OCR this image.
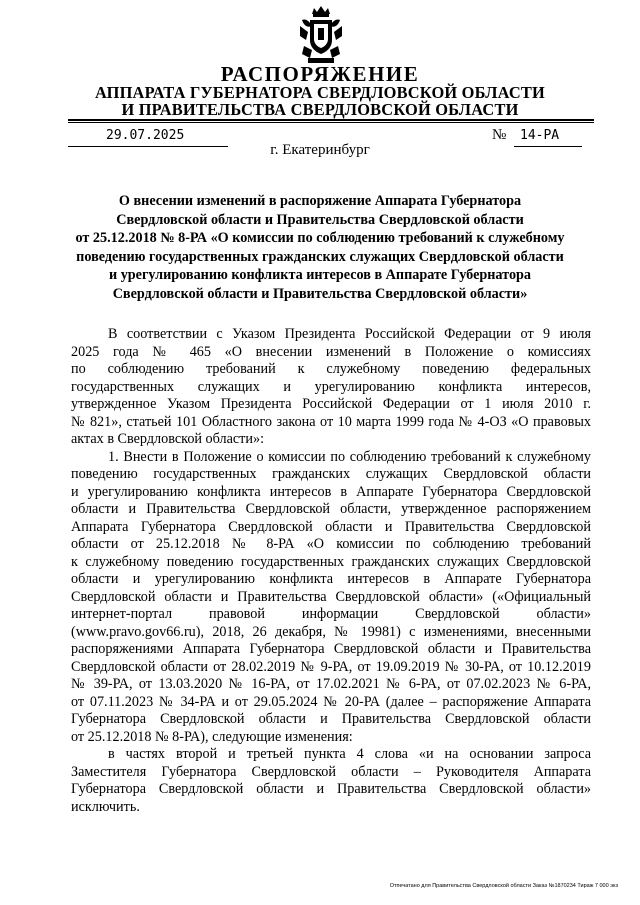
РАСПОРЯЖЕНИЕ
АППАРАТА ГУБЕРНАТОРА СВЕРДЛОВСКОЙ ОБЛАСТИ
И ПРАВИТЕЛЬСТВА СВЕРДЛОВСКОЙ ОБЛАСТИ
29.07.2025
г. Екатеринбург
№ 14-РА
О внесении изменений в распоряжение Аппарата Губернатора
Свердловской области и Правительства Свердловской области
от 25.12.2018 № 8-РА «О комиссии по соблюдению требований к служебному
поведению государственных гражданских служащих Свердловской области
и урегулированию конфликта интересов в Аппарате Губернатора
Свердловской области и Правительства Свердловской области»
В соответствии с Указом Президента Российской Федерации от 9 июля
2025 года № 465 «О внесении изменений в Положение о комиссиях
по соблюдению требований к служебному поведению федеральных
государственных служащих и урегулированию конфликта интересов,
утвержденное Указом Президента Российской Федерации от 1 июля 2010 г.
№ 821», статьей 101 Областного закона от 10 марта 1999 года № 4-ОЗ «О правовых
актах в Свердловской области»:
1. Внести в Положение о комиссии по соблюдению требований к служебному
поведению государственных гражданских служащих Свердловской области
и урегулированию конфликта интересов в Аппарате Губернатора Свердловской
области и Правительства Свердловской области, утвержденное распоряжением
Аппарата Губернатора Свердловской области и Правительства Свердловской
области от 25.12.2018 № 8-РА «О комиссии по соблюдению требований
к служебному поведению государственных гражданских служащих Свердловской
области и урегулированию конфликта интересов в Аппарате Губернатора
Свердловской области и Правительства Свердловской области» («Официальный
интернет-портал правовой информации Свердловской области»
(www.pravo.gov66.ru), 2018, 26 декабря, № 19981) с изменениями, внесенными
распоряжениями Аппарата Губернатора Свердловской области и Правительства
Свердловской области от 28.02.2019 № 9-РА, от 19.09.2019 № 30-РА, от 10.12.2019
№ 39-РА, от 13.03.2020 № 16-РА, от 17.02.2021 № 6-РА, от 07.02.2023 № 6-РА,
от 07.11.2023 № 34-РА и от 29.05.2024 № 20-РА (далее – распоряжение Аппарата
Губернатора Свердловской области и Правительства Свердловской области
от 25.12.2018 № 8-РА), следующие изменения:
в частях второй и третьей пункта 4 слова «и на основании запроса
Заместителя Губернатора Свердловской области – Руководителя Аппарата
Губернатора Свердловской области и Правительства Свердловской области»
исключить.
Отпечатано для Правительства Свердловской области Заказ №1870234 Тираж 7 000 экз
